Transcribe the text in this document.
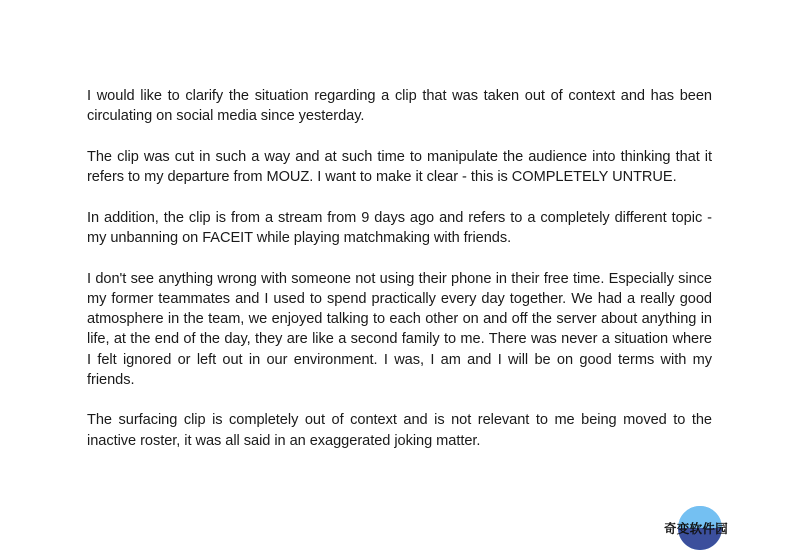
I would like to clarify the situation regarding a clip that was taken out of context and has been circulating on social media since yesterday.

The clip was cut in such a way and at such time to manipulate the audience into thinking that it refers to my departure from MOUZ. I want to make it clear - this is COMPLETELY UNTRUE.

In addition, the clip is from a stream from 9 days ago and refers to a completely different topic - my unbanning on FACEIT while playing matchmaking with friends.

I don't see anything wrong with someone not using their phone in their free time. Especially since my former teammates and I used to spend practically every day together. We had a really good atmosphere in the team, we enjoyed talking to each other on and off the server about anything in life, at the end of the day, they are like a second family to me. There was never a situation where I felt ignored or left out in our environment. I was, I am and I will be on good terms with my friends.

The surfacing clip is completely out of context and is not relevant to me being moved to the inactive roster, it was all said in an exaggerated joking matter.

奇变软件园
